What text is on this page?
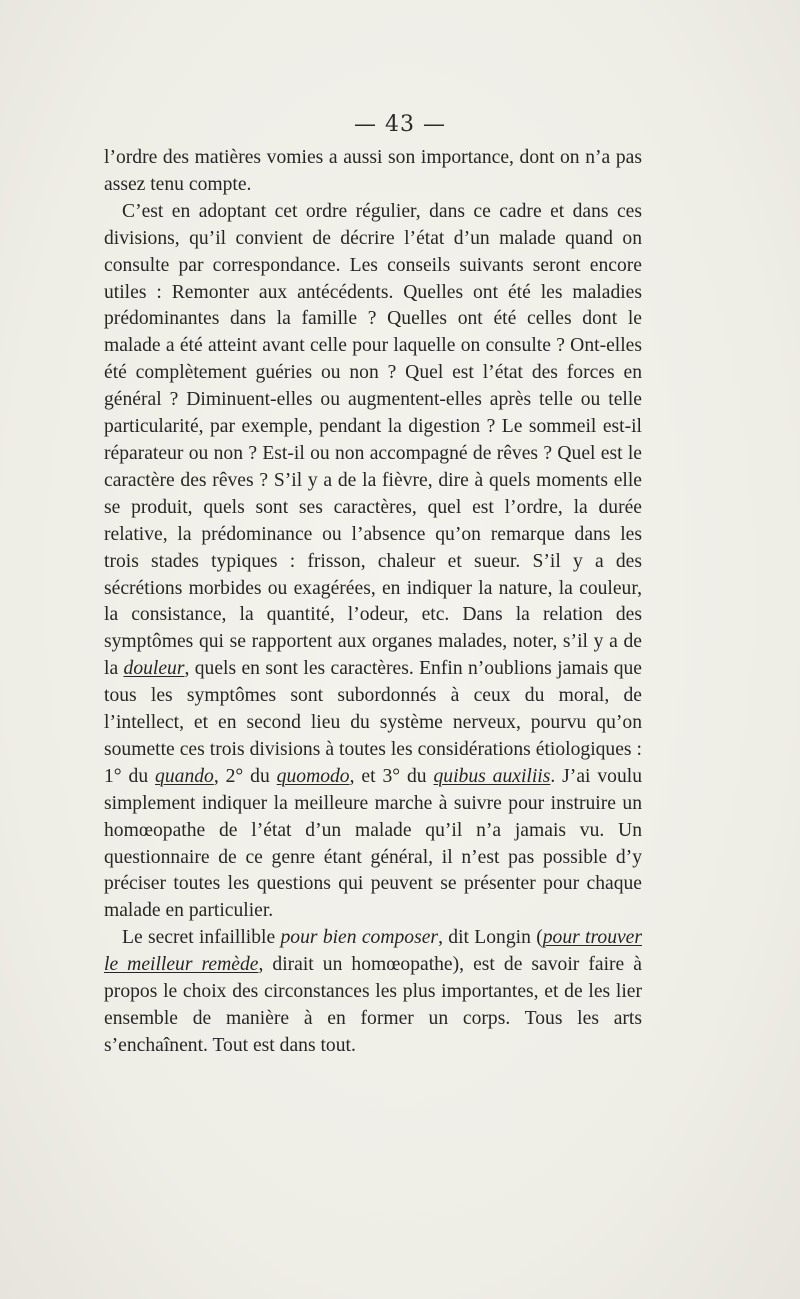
— 43 —

l’ordre des matières vomies a aussi son importance, dont on n’a pas assez tenu compte.

C’est en adoptant cet ordre régulier, dans ce cadre et dans ces divisions, qu’il convient de décrire l’état d’un malade quand on consulte par correspondance. Les conseils suivants seront encore utiles : Remonter aux antécédents. Quelles ont été les maladies prédominantes dans la famille ? Quelles ont été celles dont le malade a été atteint avant celle pour laquelle on consulte ? Ont-elles été complètement guéries ou non ? Quel est l’état des forces en général ? Diminuent-elles ou augmentent-elles après telle ou telle particularité, par exemple, pendant la digestion ? Le sommeil est-il réparateur ou non ? Est-il ou non accompagné de rêves ? Quel est le caractère des rêves ? S’il y a de la fièvre, dire à quels moments elle se produit, quels sont ses caractères, quel est l’ordre, la durée relative, la prédominance ou l’absence qu’on remarque dans les trois stades typiques : frisson, chaleur et sueur. S’il y a des sécrétions morbides ou exagérées, en indiquer la nature, la couleur, la consistance, la quantité, l’odeur, etc. Dans la relation des symptômes qui se rapportent aux organes malades, noter, s’il y a de la douleur, quels en sont les caractères. Enfin n’oublions jamais que tous les symptômes sont subordonnés à ceux du moral, de l’intellect, et en second lieu du système nerveux, pourvu qu’on soumette ces trois divisions à toutes les considérations étiologiques : 1° du quando, 2° du quomodo, et 3° du quibus auxiliis. J’ai voulu simplement indiquer la meilleure marche à suivre pour instruire un homœopathe de l’état d’un malade qu’il n’a jamais vu. Un questionnaire de ce genre étant général, il n’est pas possible d’y préciser toutes les questions qui peuvent se présenter pour chaque malade en particulier.

Le secret infaillible pour bien composer, dit Longin (pour trouver le meilleur remède, dirait un homœopathe), est de savoir faire à propos le choix des circonstances les plus importantes, et de les lier ensemble de manière à en former un corps. Tous les arts s’enchaînent. Tout est dans tout.
